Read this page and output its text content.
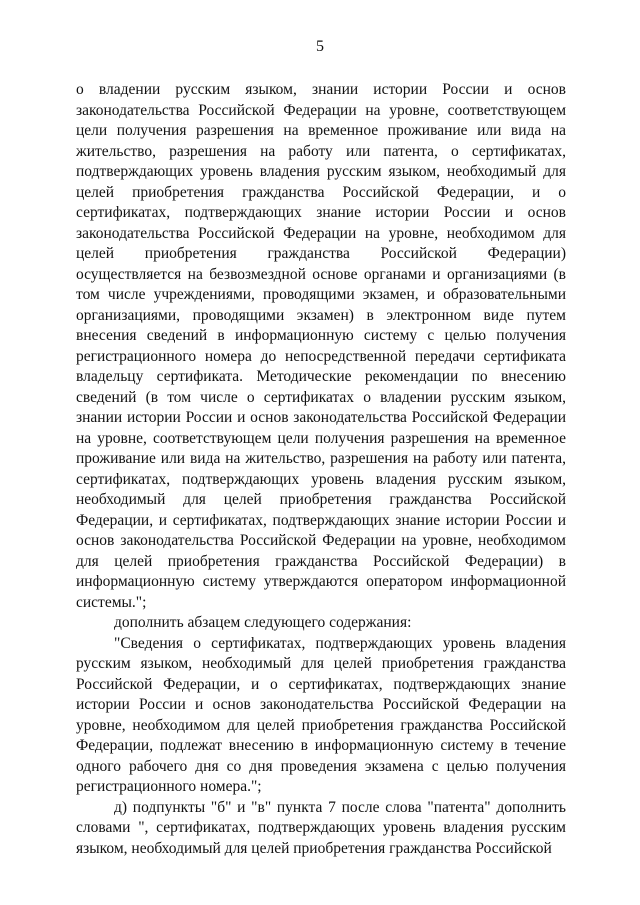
5

о владении русским языком, знании истории России и основ законодательства Российской Федерации на уровне, соответствующем цели получения разрешения на временное проживание или вида на жительство, разрешения на работу или патента, о сертификатах, подтверждающих уровень владения русским языком, необходимый для целей приобретения гражданства Российской Федерации, и о сертификатах, подтверждающих знание истории России и основ законодательства Российской Федерации на уровне, необходимом для целей приобретения гражданства Российской Федерации) осуществляется на безвозмездной основе органами и организациями (в том числе учреждениями, проводящими экзамен, и образовательными организациями, проводящими экзамен) в электронном виде путем внесения сведений в информационную систему с целью получения регистрационного номера до непосредственной передачи сертификата владельцу сертификата. Методические рекомендации по внесению сведений (в том числе о сертификатах о владении русским языком, знании истории России и основ законодательства Российской Федерации на уровне, соответствующем цели получения разрешения на временное проживание или вида на жительство, разрешения на работу или патента, сертификатах, подтверждающих уровень владения русским языком, необходимый для целей приобретения гражданства Российской Федерации, и сертификатах, подтверждающих знание истории России и основ законодательства Российской Федерации на уровне, необходимом для целей приобретения гражданства Российской Федерации) в информационную систему утверждаются оператором информационной системы.";

дополнить абзацем следующего содержания:

"Сведения о сертификатах, подтверждающих уровень владения русским языком, необходимый для целей приобретения гражданства Российской Федерации, и о сертификатах, подтверждающих знание истории России и основ законодательства Российской Федерации на уровне, необходимом для целей приобретения гражданства Российской Федерации, подлежат внесению в информационную систему в течение одного рабочего дня со дня проведения экзамена с целью получения регистрационного номера.";

д) подпункты "б" и "в" пункта 7 после слова "патента" дополнить словами ", сертификатах, подтверждающих уровень владения русским языком, необходимый для целей приобретения гражданства Российской
